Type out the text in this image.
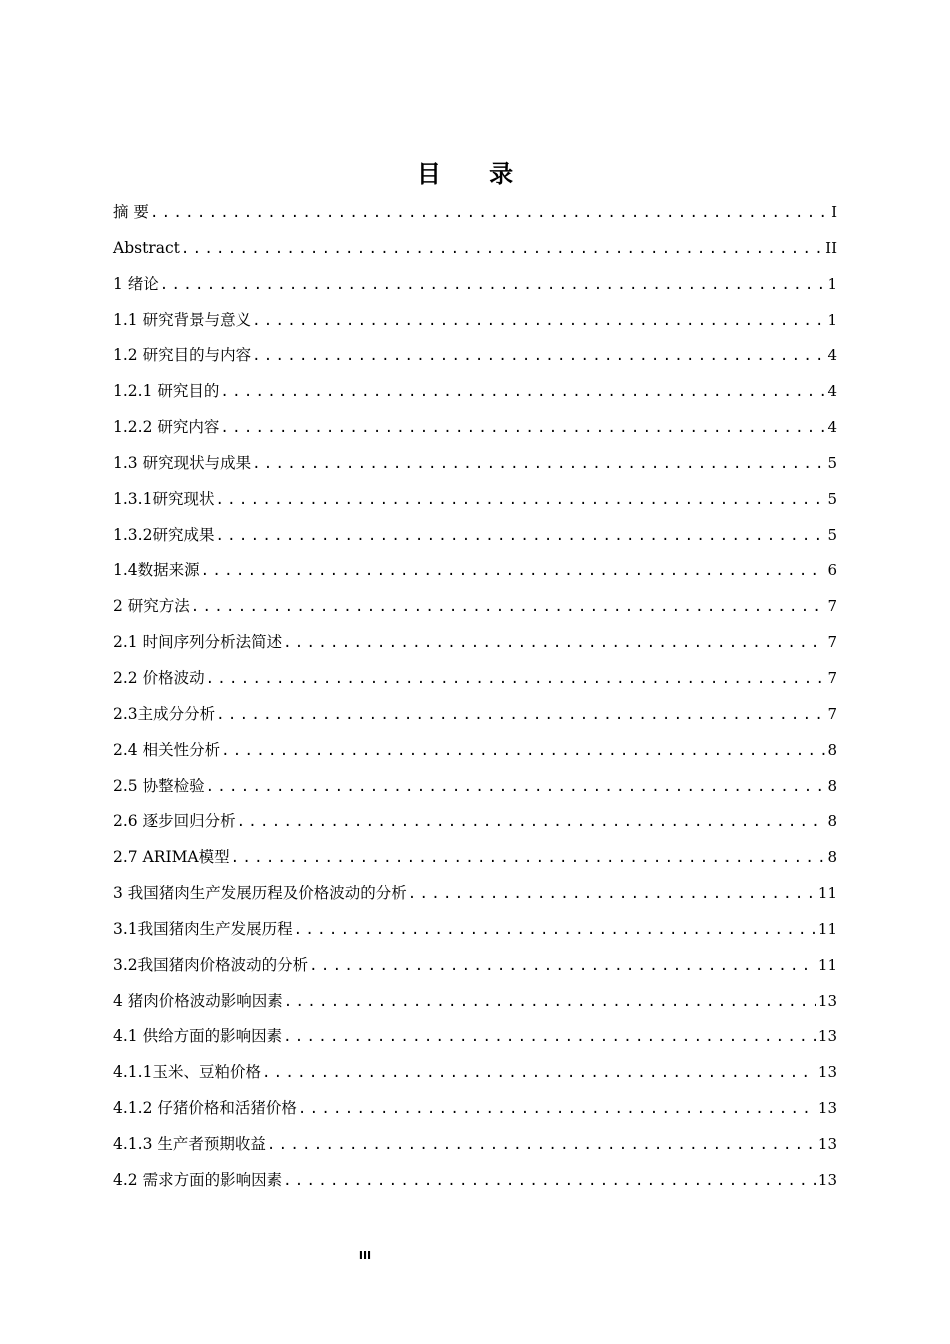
目 录
摘 要 .....	I
Abstract .....	II
1 绪论 .....	1
1.1 研究背景与意义 .....	1
1.2 研究目的与内容 .....	4
1.2.1 研究目的 .....	4
1.2.2 研究内容 .....	4
1.3 研究现状与成果 .....	5
1.3.1研究现状 .....	5
1.3.2研究成果 .....	5
1.4数据来源 .....	6
2 研究方法 .....	7
2.1 时间序列分析法简述 .....	7
2.2 价格波动 .....	7
2.3主成分分析 .....	7
2.4 相关性分析 .....	8
2.5 协整检验 .....	8
2.6 逐步回归分析 .....	8
2.7 ARIMA模型 .....	8
3 我国猪肉生产发展历程及价格波动的分析 .....	11
3.1我国猪肉生产发展历程 .....	11
3.2我国猪肉价格波动的分析 .....	11
4 猪肉价格波动影响因素 .....	13
4.1 供给方面的影响因素 .....	13
4.1.1玉米、豆粕价格 .....	13
4.1.2 仔猪价格和活猪价格 .....	13
4.1.3 生产者预期收益 .....	13
4.2 需求方面的影响因素 .....	13
III
